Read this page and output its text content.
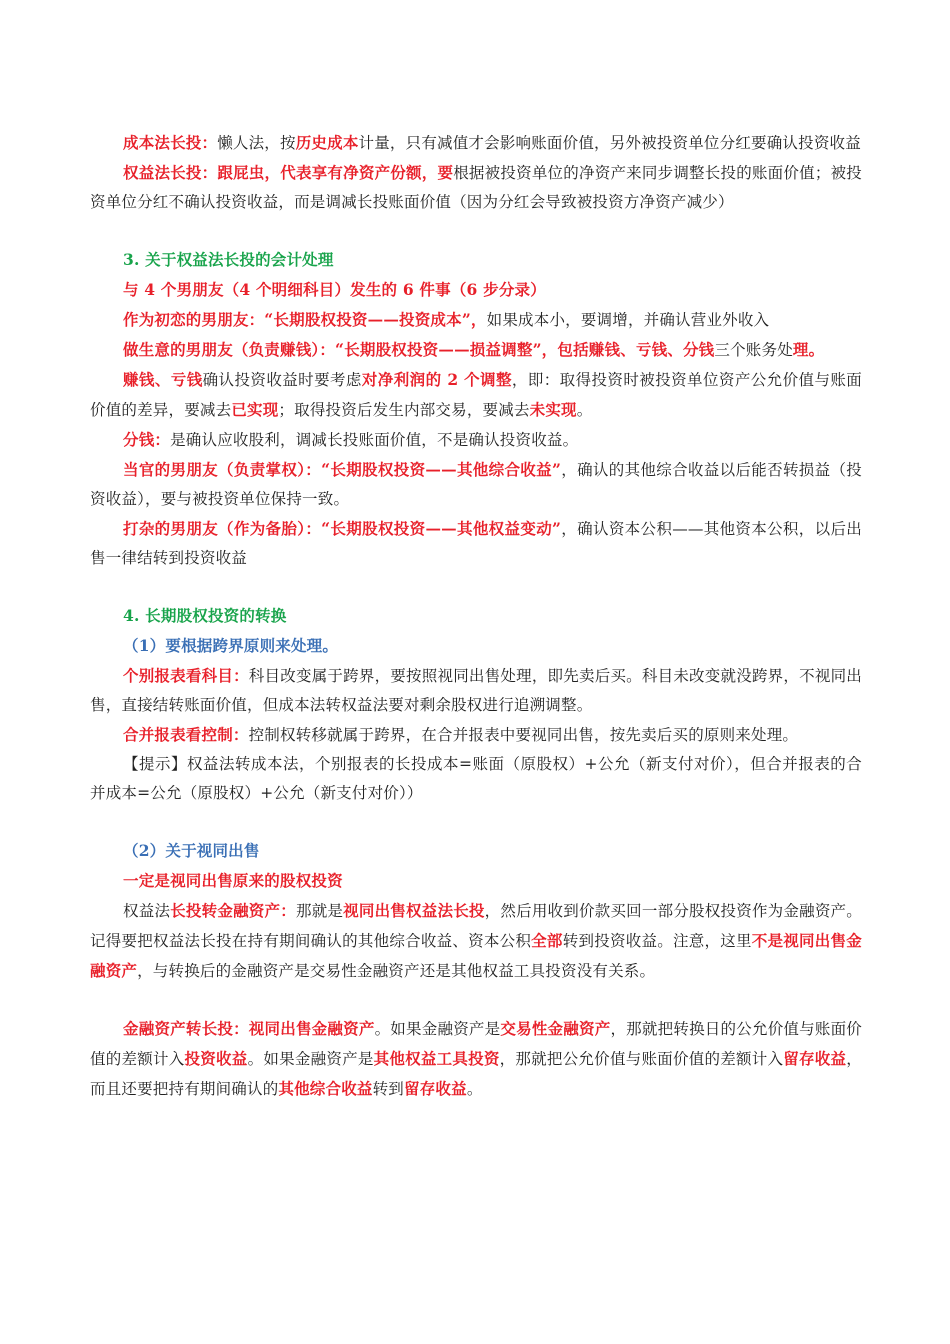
成本法长投：懒人法，按历史成本计量，只有减值才会影响账面价值，另外被投资单位分红要确认投资收益

权益法长投：跟屁虫，代表享有净资产份额，要根据被投资单位的净资产来同步调整长投的账面价值；被投资单位分红不确认投资收益，而是调减长投账面价值（因为分红会导致被投资方净资产减少）

3. 关于权益法长投的会计处理

与 4 个男朋友（4 个明细科目）发生的 6 件事（6 步分录）

作为初恋的男朋友：“长期股权投资——投资成本”，如果成本小，要调增，并确认营业外收入

做生意的男朋友（负责赚钱）：“长期股权投资——损益调整”，包括赚钱、亏钱、分钱三个账务处理。

赚钱、亏钱确认投资收益时要考虑对净利润的 2 个调整，即：取得投资时被投资单位资产公允价值与账面价值的差异，要减去已实现；取得投资后发生内部交易，要减去未实现。

分钱：是确认应收股利，调减长投账面价值，不是确认投资收益。

当官的男朋友（负责掌权）：“长期股权投资——其他综合收益”，确认的其他综合收益以后能否转损益（投资收益），要与被投资单位保持一致。

打杂的男朋友（作为备胎）：“长期股权投资——其他权益变动”，确认资本公积——其他资本公积，以后出售一律结转到投资收益

4. 长期股权投资的转换

（1）要根据跨界原则来处理。

个别报表看科目：科目改变属于跨界，要按照视同出售处理，即先卖后买。科目未改变就没跨界，不视同出售，直接结转账面价值，但成本法转权益法要对剩余股权进行追溯调整。

合并报表看控制：控制权转移就属于跨界，在合并报表中要视同出售，按先卖后买的原则来处理。

【提示】权益法转成本法，个别报表的长投成本=账面（原股权）+公允（新支付对价），但合并报表的合并成本=公允（原股权）+公允（新支付对价））

（2）关于视同出售

一定是视同出售原来的股权投资

权益法长投转金融资产：那就是视同出售权益法长投，然后用收到价款买回一部分股权投资作为金融资产。记得要把权益法长投在持有期间确认的其他综合收益、资本公积全部转到投资收益。注意，这里不是视同出售金融资产，与转换后的金融资产是交易性金融资产还是其他权益工具投资没有关系。

金融资产转长投：视同出售金融资产。如果金融资产是交易性金融资产，那就把转换日的公允价值与账面价值的差额计入投资收益。如果金融资产是其他权益工具投资，那就把公允价值与账面价值的差额计入留存收益，而且还要把持有期间确认的其他综合收益转到留存收益。
